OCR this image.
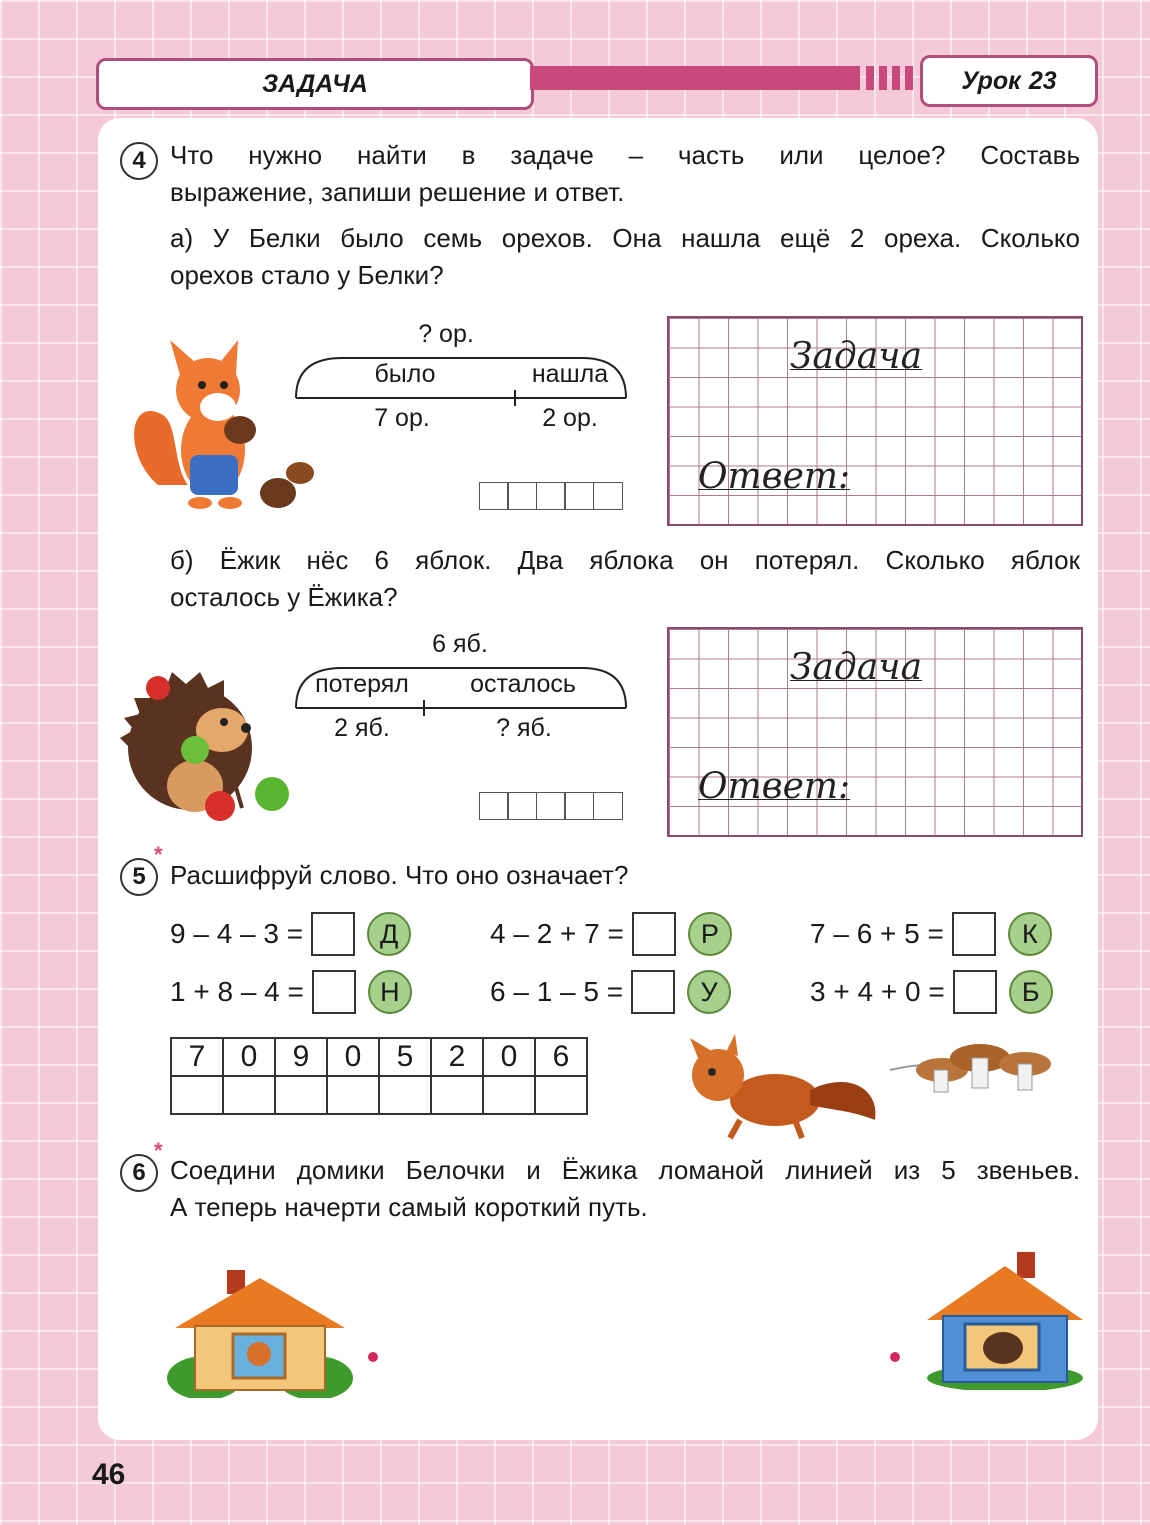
ЗАДАЧА	Урок 23
4 Что нужно найти в задаче – часть или целое? Составь
выражение, запиши решение и ответ.
а) У Белки было семь орехов. Она нашла ещё 2 ореха. Сколько
орехов стало у Белки?
? ор.
было	нашла
7 ор.	2 ор.
Задача
Ответ:
б) Ёжик нёс 6 яблок. Два яблока он потерял. Сколько яблок
осталось у Ёжика?
6 яб.
потерял	осталось
2 яб.	? яб.
Задача
Ответ:
5
*
Расшифруй слово. Что оно означает?
9 – 4 – 3 =	Д	4 – 2 + 7 =	Р	7 – 6 + 5 =	К
1 + 8 – 4 =	Н	6 – 1 – 5 =	У	3 + 4 + 0 =	Б
7	0	9	0	5	2	0	6

6
*
Соедини домики Белочки и Ёжика ломаной линией из 5 звеньев.
А теперь начерти самый короткий путь.
46
